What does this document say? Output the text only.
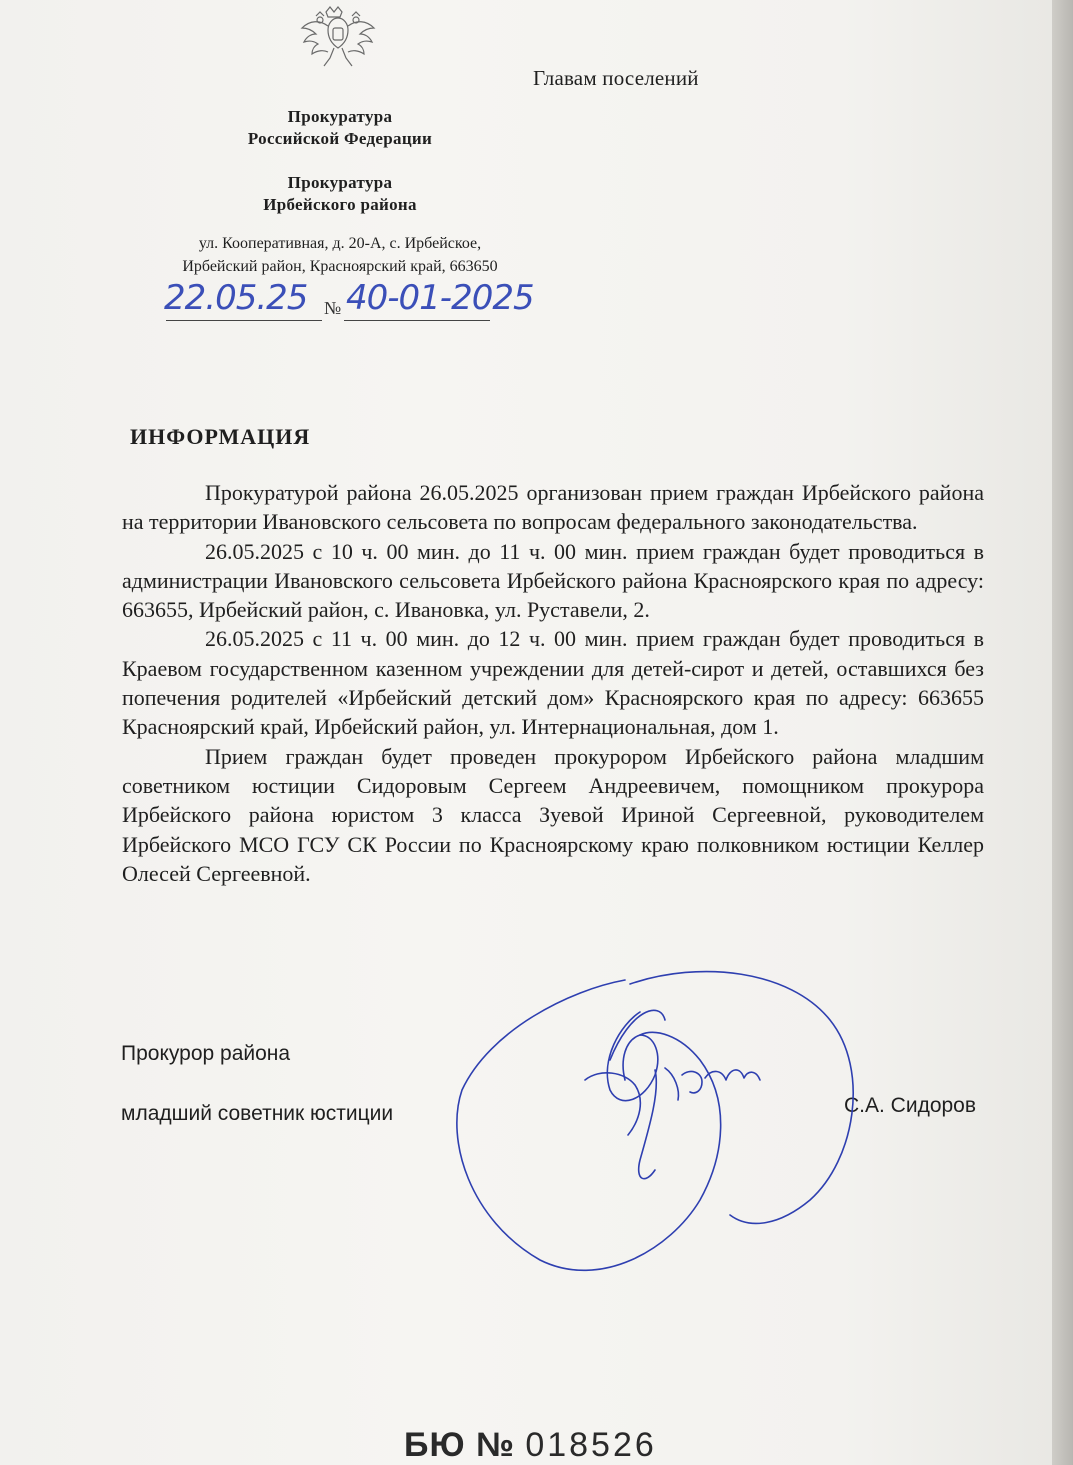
Главам поселений
Прокуратура
Российской Федерации
Прокуратура
Ирбейского района
ул. Кооперативная, д. 20-А, с. Ирбейское,
Ирбейский район, Красноярский край, 663650
22.05.25 № 40-01-2025
ИНФОРМАЦИЯ

Прокуратурой района 26.05.2025 организован прием граждан Ирбейского района на территории Ивановского сельсовета по вопросам федерального законодательства.

26.05.2025 с 10 ч. 00 мин. до 11 ч. 00 мин. прием граждан будет проводиться в администрации Ивановского сельсовета Ирбейского района Красноярского края по адресу: 663655, Ирбейский район, с. Ивановка, ул. Руставели, 2.

26.05.2025 с 11 ч. 00 мин. до 12 ч. 00 мин. прием граждан будет проводиться в Краевом государственном казенном учреждении для детей-сирот и детей, оставшихся без попечения родителей «Ирбейский детский дом» Красноярского края по адресу: 663655 Красноярский край, Ирбейский район, ул. Интернациональная, дом 1.

Прием граждан будет проведен прокурором Ирбейского района младшим советником юстиции Сидоровым Сергеем Андреевичем, помощником прокурора Ирбейского района юристом 3 класса Зуевой Ириной Сергеевной, руководителем Ирбейского МСО ГСУ СК России по Красноярскому краю полковником юстиции Келлер Олесей Сергеевной.

Прокурор района
младший советник юстиции	С.А. Сидоров
БЮ № 018526
